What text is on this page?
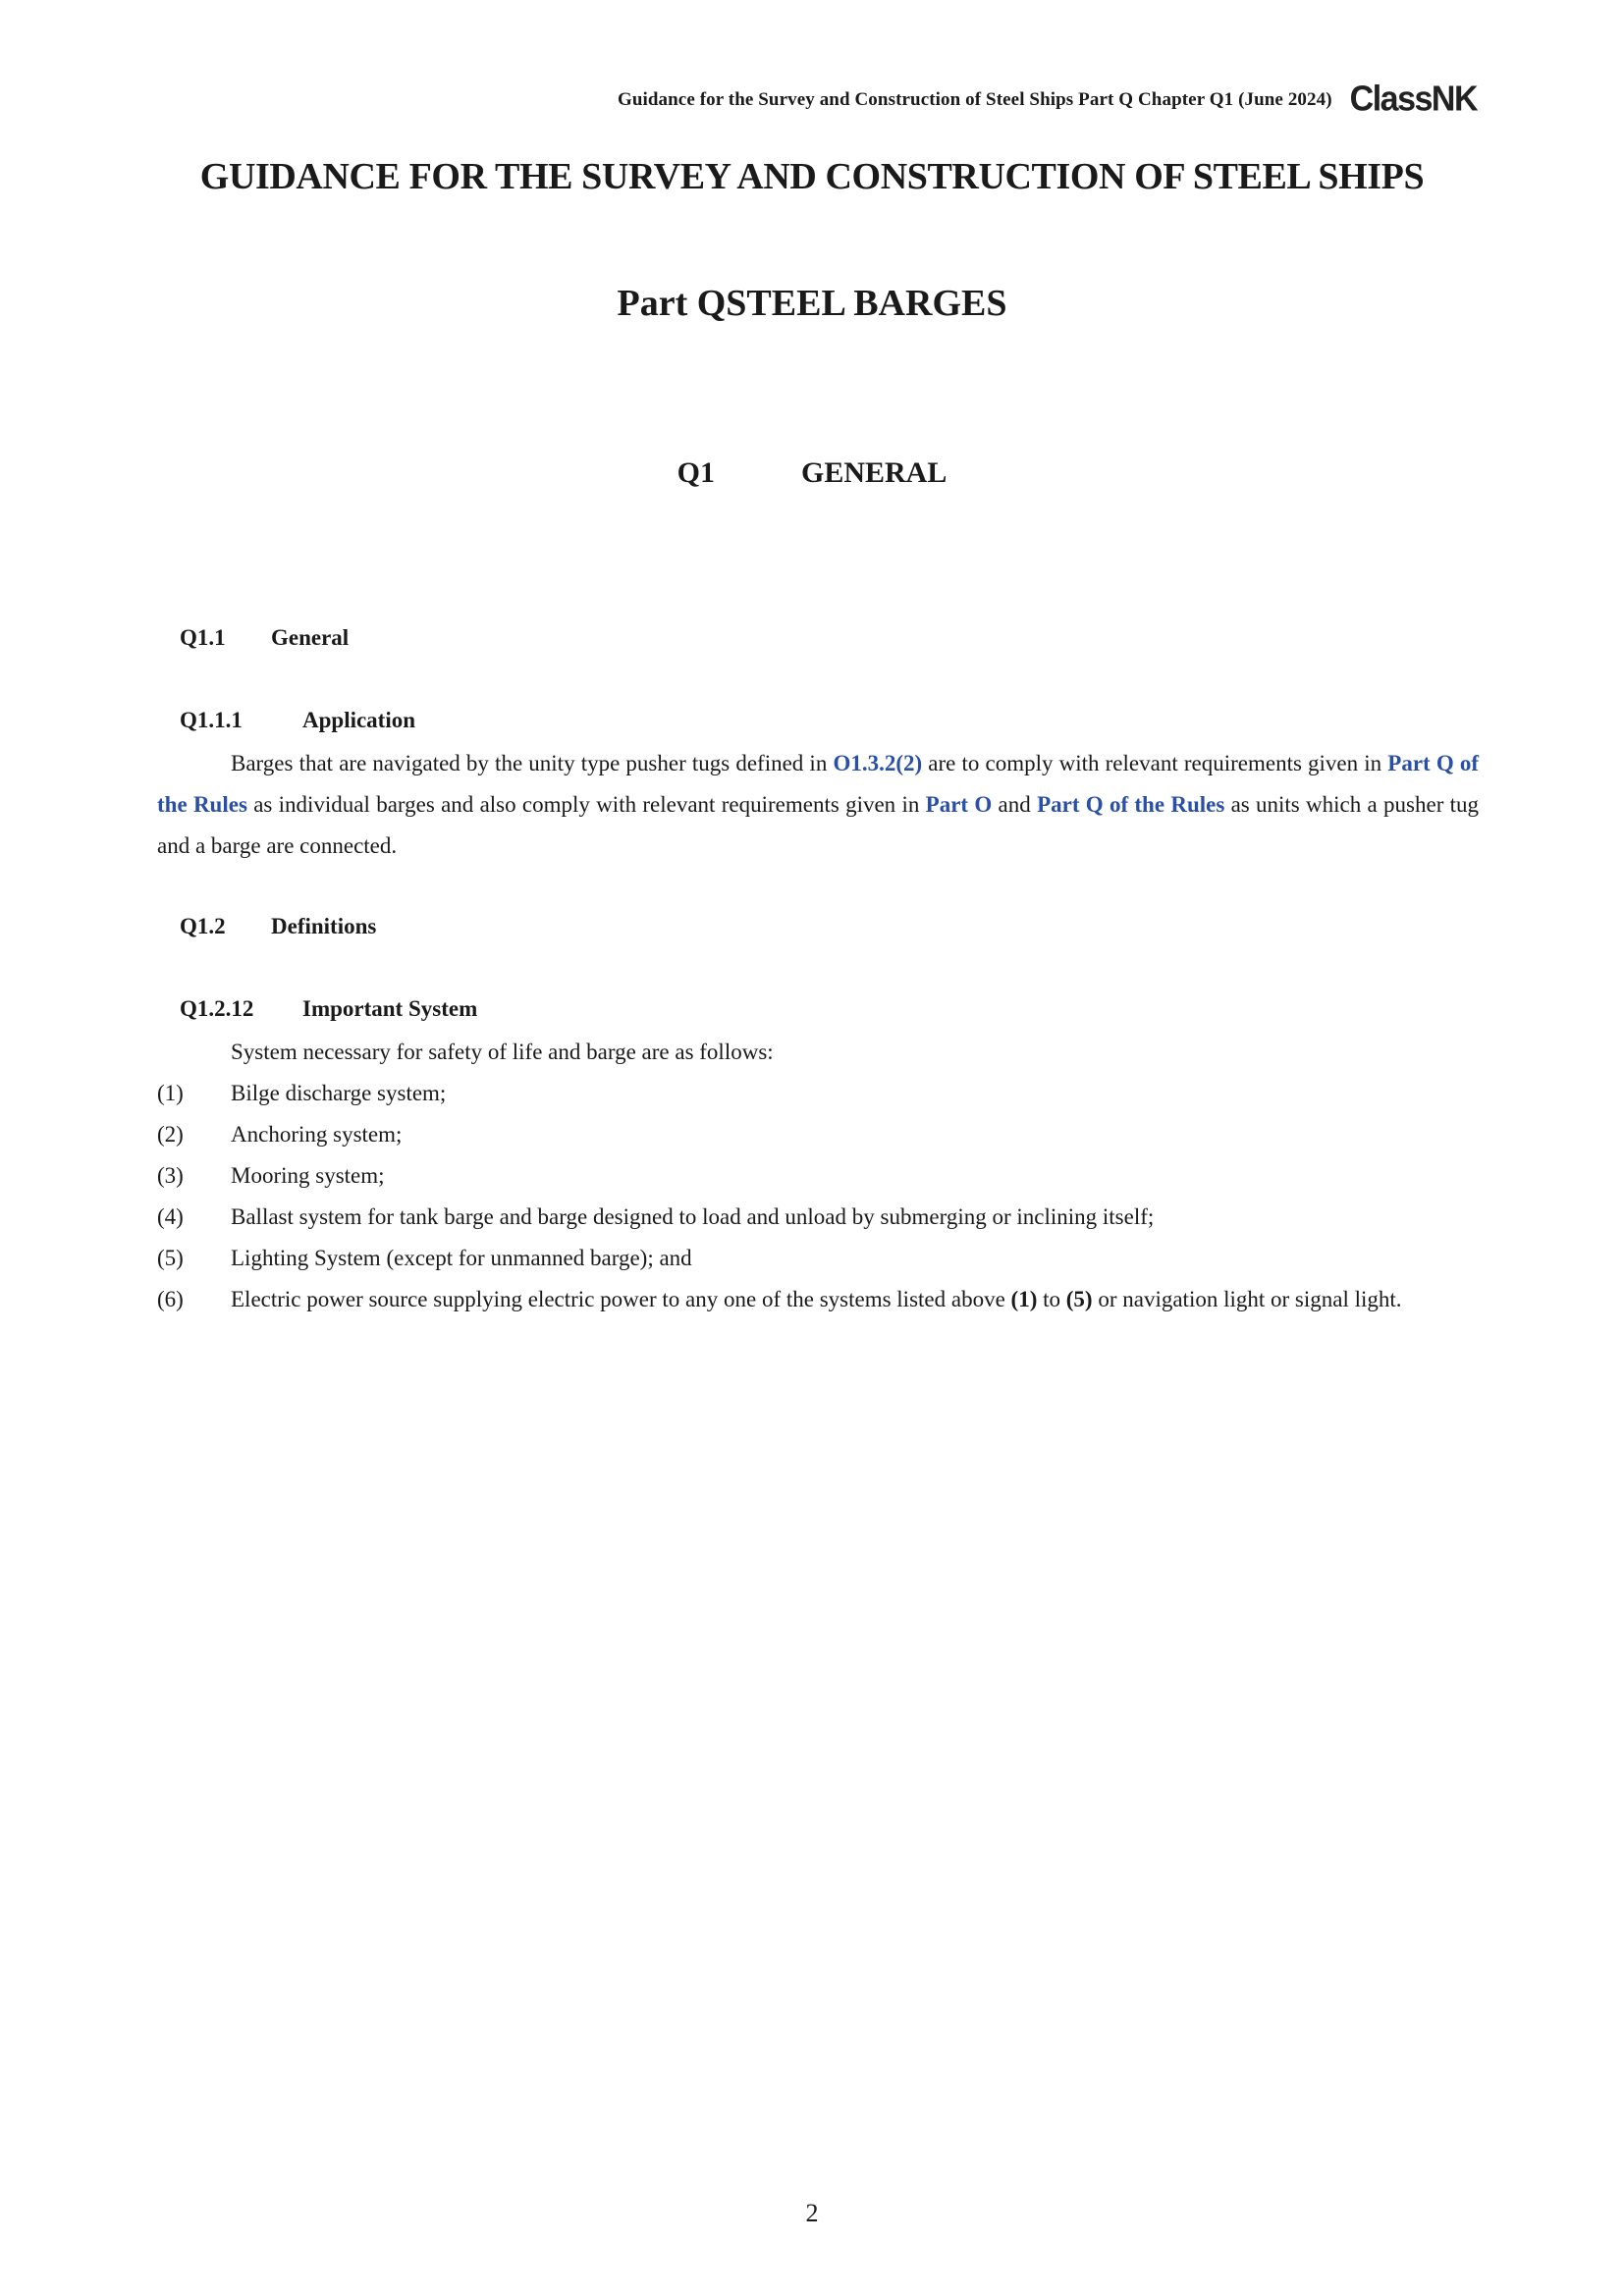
Guidance for the Survey and Construction of Steel Ships Part Q Chapter Q1 (June 2024) ClassNK
GUIDANCE FOR THE SURVEY AND CONSTRUCTION OF STEEL SHIPS
Part QSTEEL BARGES
Q1	GENERAL
Q1.1 General
Q1.1.1	Application
Barges that are navigated by the unity type pusher tugs defined in O1.3.2(2) are to comply with relevant requirements given in Part Q of the Rules as individual barges and also comply with relevant requirements given in Part O and Part Q of the Rules as units which a pusher tug and a barge are connected.
Q1.2 Definitions
Q1.2.12 Important System
System necessary for safety of life and barge are as follows:
(1)	Bilge discharge system;
(2)	Anchoring system;
(3)	Mooring system;
(4)	Ballast system for tank barge and barge designed to load and unload by submerging or inclining itself;
(5)	Lighting System (except for unmanned barge); and
(6)	Electric power source supplying electric power to any one of the systems listed above (1) to (5) or navigation light or signal light.
2
